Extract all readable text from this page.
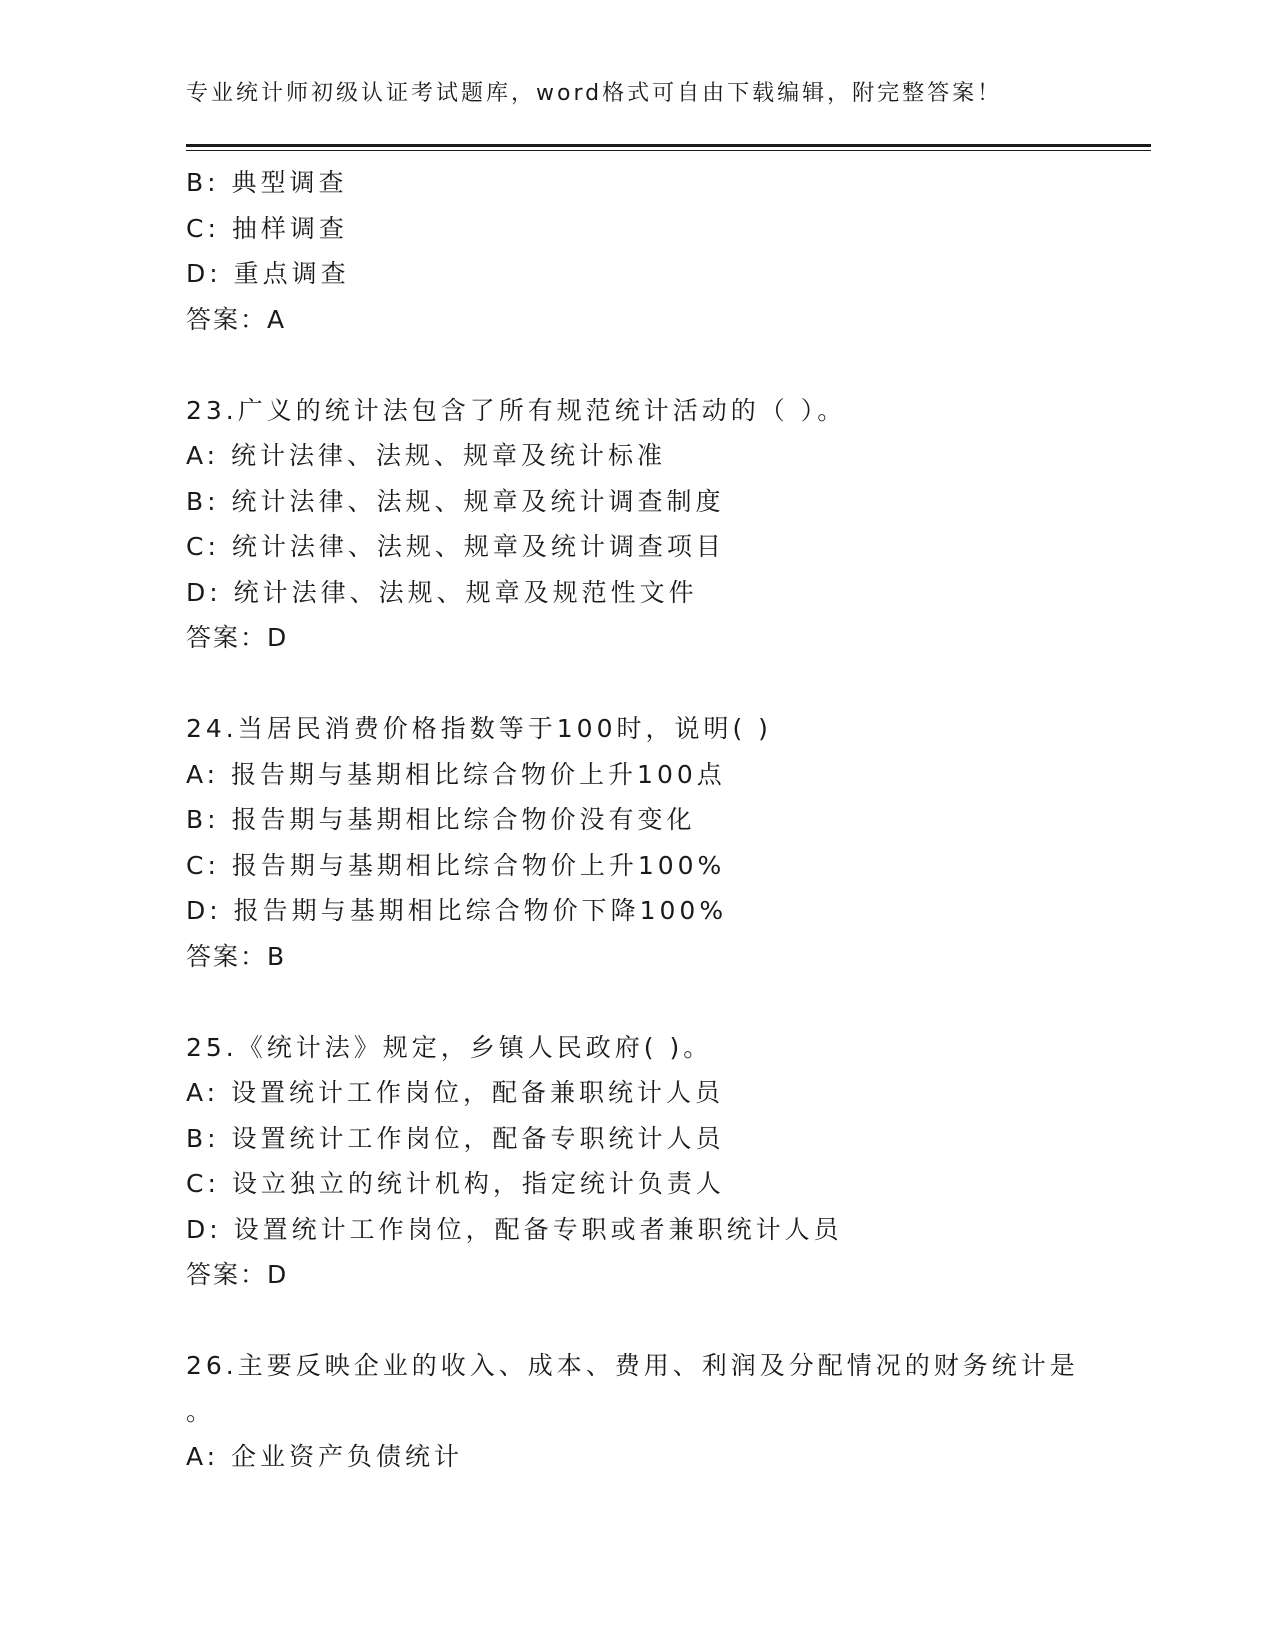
专业统计师初级认证考试题库，word格式可自由下载编辑，附完整答案！
B: 典型调查
C: 抽样调查
D: 重点调查
答案：A
23.广义的统计法包含了所有规范统计活动的（ ）。
A: 统计法律、法规、规章及统计标准
B: 统计法律、法规、规章及统计调查制度
C: 统计法律、法规、规章及统计调查项目
D: 统计法律、法规、规章及规范性文件
答案：D
24.当居民消费价格指数等于100时，说明( )
A: 报告期与基期相比综合物价上升100点
B: 报告期与基期相比综合物价没有变化
C: 报告期与基期相比综合物价上升100%
D: 报告期与基期相比综合物价下降100%
答案：B
25.《统计法》规定，乡镇人民政府( )。
A: 设置统计工作岗位，配备兼职统计人员
B: 设置统计工作岗位，配备专职统计人员
C: 设立独立的统计机构，指定统计负责人
D: 设置统计工作岗位，配备专职或者兼职统计人员
答案：D
26.主要反映企业的收入、成本、费用、利润及分配情况的财务统计是
。
A: 企业资产负债统计
